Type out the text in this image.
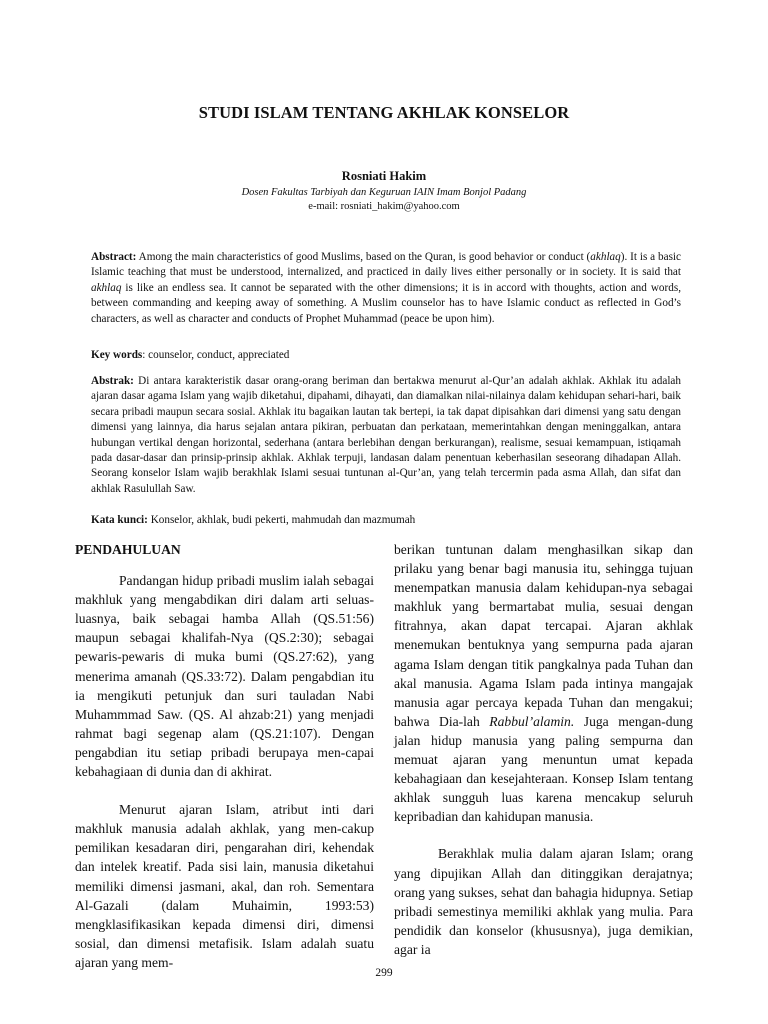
STUDI ISLAM TENTANG AKHLAK KONSELOR
Rosniati Hakim
Dosen Fakultas Tarbiyah dan Keguruan IAIN Imam Bonjol Padang
e-mail: rosniati_hakim@yahoo.com

Abstract: Among the main characteristics of good Muslims, based on the Quran, is good behavior or conduct (akhlaq). It is a basic Islamic teaching that must be understood, internalized, and practiced in daily lives either personally or in society. It is said that akhlaq is like an endless sea. It cannot be separated with the other dimensions; it is in accord with thoughts, action and words, between commanding and keeping away of something. A Muslim counselor has to have Islamic conduct as reflected in God’s characters, as well as character and conducts of Prophet Muhammad (peace be upon him).

Key words: counselor, conduct, appreciated

Abstrak: Di antara karakteristik dasar orang-orang beriman dan bertakwa menurut al-Qur’an adalah akhlak. Akhlak itu adalah ajaran dasar agama Islam yang wajib diketahui, dipahami, dihayati, dan diamalkan nilai-nilainya dalam kehidupan sehari-hari, baik secara pribadi maupun secara sosial. Akhlak itu bagaikan lautan tak bertepi, ia tak dapat dipisahkan dari dimensi yang satu dengan dimensi yang lainnya, dia harus sejalan antara pikiran, perbuatan dan perkataan, memerintahkan dengan meninggalkan, antara hubungan vertikal dengan horizontal, sederhana (antara berlebihan dengan berkurangan), realisme, sesuai kemampuan, istiqamah pada dasar-dasar dan prinsip-prinsip akhlak. Akhlak terpuji, landasan dalam penentuan keberhasilan seseorang dihadapan Allah. Seorang konselor Islam wajib berakhlak Islami sesuai tuntunan al-Qur’an, yang telah tercermin pada asma Allah, dan sifat dan akhlak Rasulullah Saw.

Kata kunci: Konselor, akhlak, budi pekerti, mahmudah dan mazmumah

PENDAHULUAN

Pandangan hidup pribadi muslim ialah sebagai makhluk yang mengabdikan diri dalam arti seluas-luasnya, baik sebagai hamba Allah (QS.51:56) maupun sebagai khalifah-Nya (QS.2:30); sebagai pewaris-pewaris di muka bumi (QS.27:62), yang menerima amanah (QS.33:72). Dalam pengabdian itu ia mengikuti petunjuk dan suri tauladan Nabi Muhammmad Saw. (QS. Al ahzab:21) yang menjadi rahmat bagi segenap alam (QS.21:107). Dengan pengabdian itu setiap pribadi berupaya men-capai kebahagiaan di dunia dan di akhirat.

Menurut ajaran Islam, atribut inti dari makhluk manusia adalah akhlak, yang men-cakup pemilikan kesadaran diri, pengarahan diri, kehendak dan intelek kreatif. Pada sisi lain, manusia diketahui memiliki dimensi jasmani, akal, dan roh. Sementara Al-Gazali (dalam Muhaimin, 1993:53) mengklasifikasikan kepada dimensi diri, dimensi sosial, dan dimensi metafisik. Islam adalah suatu ajaran yang mem-

berikan tuntunan dalam menghasilkan sikap dan prilaku yang benar bagi manusia itu, sehingga tujuan menempatkan manusia dalam kehidupan-nya sebagai makhluk yang bermartabat mulia, sesuai dengan fitrahnya, akan dapat tercapai. Ajaran akhlak menemukan bentuknya yang sempurna pada ajaran agama Islam dengan titik pangkalnya pada Tuhan dan akal manusia. Agama Islam pada intinya mangajak manusia agar percaya kepada Tuhan dan mengakui; bahwa Dia-lah Rabbul’alamin. Juga mengan-dung jalan hidup manusia yang paling sempurna dan memuat ajaran yang menuntun umat kepada kebahagiaan dan kesejahteraan. Konsep Islam tentang akhlak sungguh luas karena mencakup seluruh kepribadian dan kahidupan manusia.

Berakhlak mulia dalam ajaran Islam; orang yang dipujikan Allah dan ditinggikan derajatnya; orang yang sukses, sehat dan bahagia hidupnya. Setiap pribadi semestinya memiliki akhlak yang mulia. Para pendidik dan konselor (khususnya), juga demikian, agar ia

299
